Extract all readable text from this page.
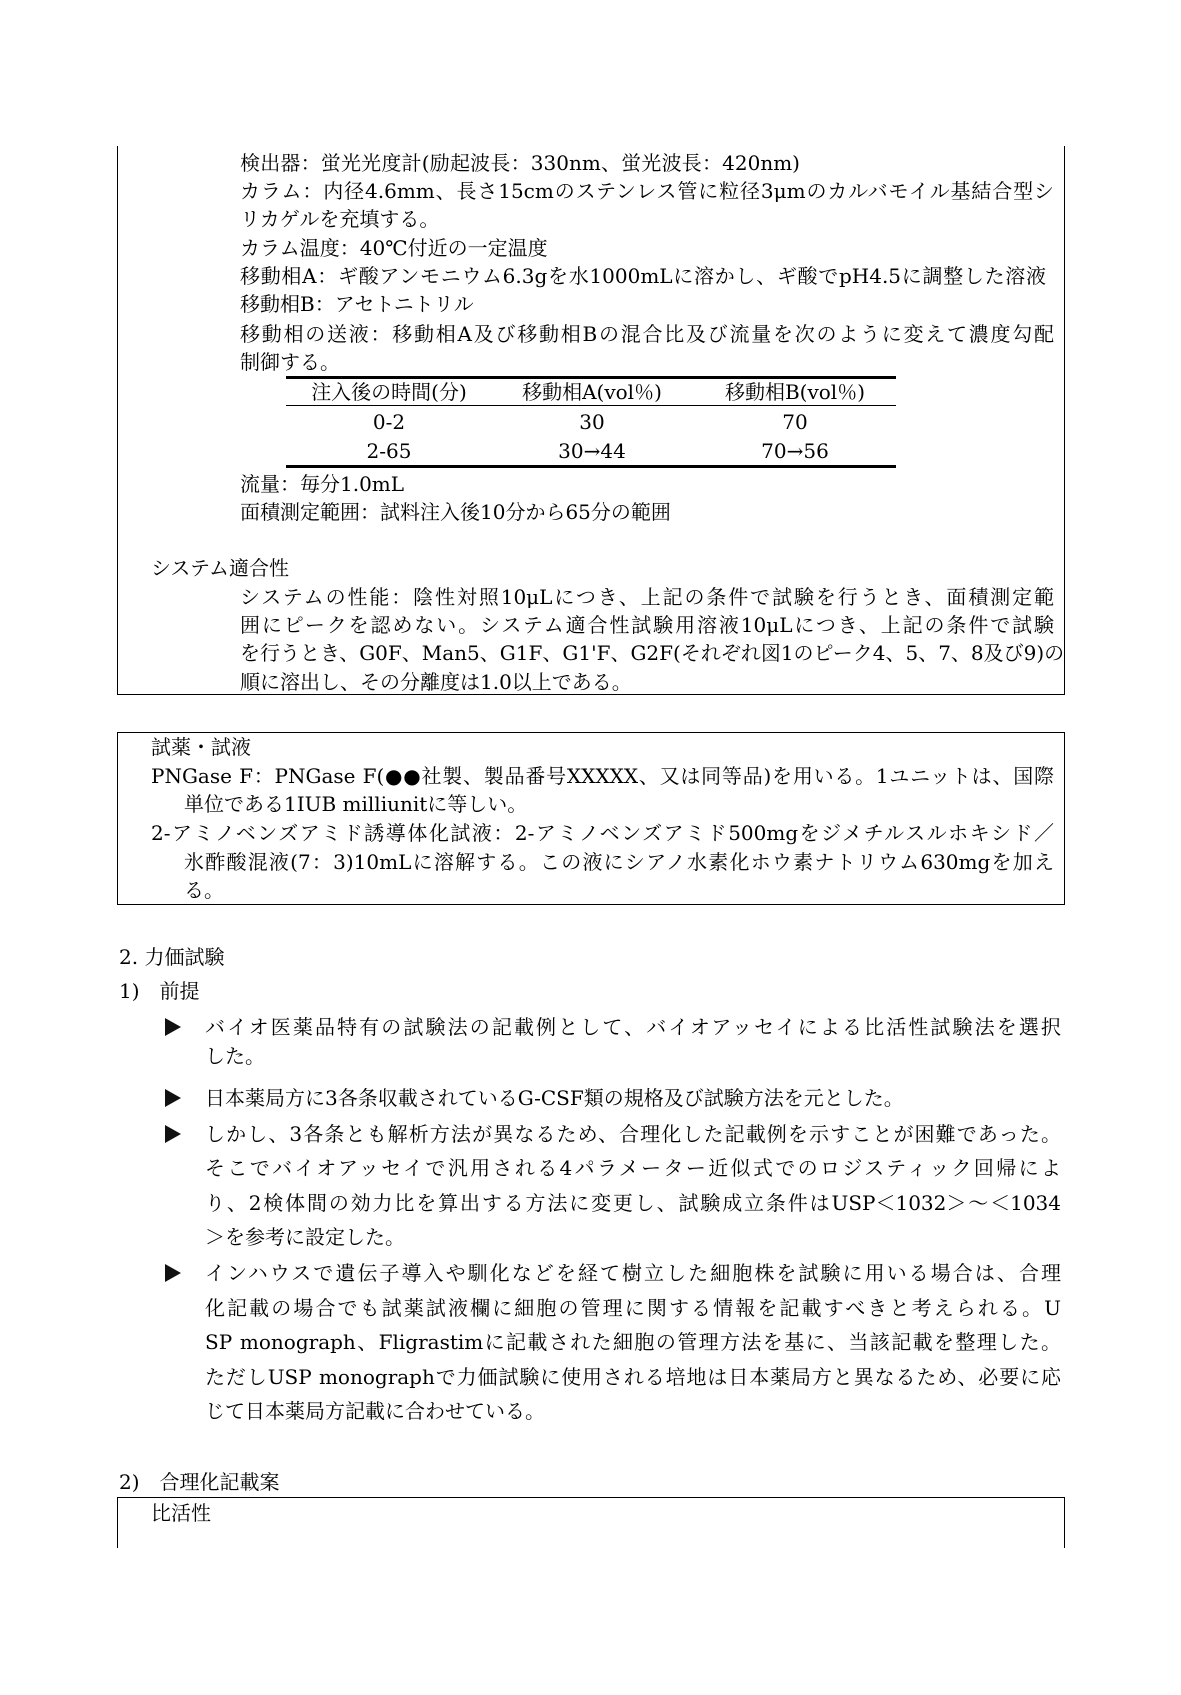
検出器：蛍光光度計(励起波長：330nm、蛍光波長：420nm)
カラム：内径4.6mm、長さ15cmのステンレス管に粒径3μmのカルバモイル基結合型シ
リカゲルを充填する。
カラム温度：40℃付近の一定温度
移動相A：ギ酸アンモニウム6.3gを水1000mLに溶かし、ギ酸でpH4.5に調整した溶液
移動相B：アセトニトリル
移動相の送液：移動相A及び移動相Bの混合比及び流量を次のように変えて濃度勾配
制御する。
注入後の時間(分)	移動相A(vol％)	移動相B(vol％)
0-2	30	70
2-65	30→44	70→56
流量：毎分1.0mL
面積測定範囲：試料注入後10分から65分の範囲
システム適合性
システムの性能：陰性対照10μLにつき、上記の条件で試験を行うとき、面積測定範
囲にピークを認めない。システム適合性試験用溶液10μLにつき、上記の条件で試験
を行うとき、G0F、Man5、G1F、G1'F、G2F(それぞれ図1のピーク4、5、7、8及び9)の
順に溶出し、その分離度は1.0以上である。
試薬・試液
PNGase F：PNGase F(●●社製、製品番号XXXXX、又は同等品)を用いる。1ユニットは、国際
単位である1IUB milliunitに等しい。
2-アミノベンズアミド誘導体化試液：2-アミノベンズアミド500mgをジメチルスルホキシド／
氷酢酸混液(7：3)10mLに溶解する。この液にシアノ水素化ホウ素ナトリウム630mgを加え
る。
2. 力価試験
1)　前提
バイオ医薬品特有の試験法の記載例として、バイオアッセイによる比活性試験法を選択
した。
日本薬局方に3各条収載されているG-CSF類の規格及び試験方法を元とした。
しかし、3各条とも解析方法が異なるため、合理化した記載例を示すことが困難であった。
そこでバイオアッセイで汎用される4パラメーター近似式でのロジスティック回帰によ
り、2検体間の効力比を算出する方法に変更し、試験成立条件はUSP＜1032＞～＜1034
＞を参考に設定した。
インハウスで遺伝子導入や馴化などを経て樹立した細胞株を試験に用いる場合は、合理
化記載の場合でも試薬試液欄に細胞の管理に関する情報を記載すべきと考えられる。U
SP monograph、Fligrastimに記載された細胞の管理方法を基に、当該記載を整理した。
ただしUSP monographで力価試験に使用される培地は日本薬局方と異なるため、必要に応
じて日本薬局方記載に合わせている。
2)　合理化記載案
比活性
